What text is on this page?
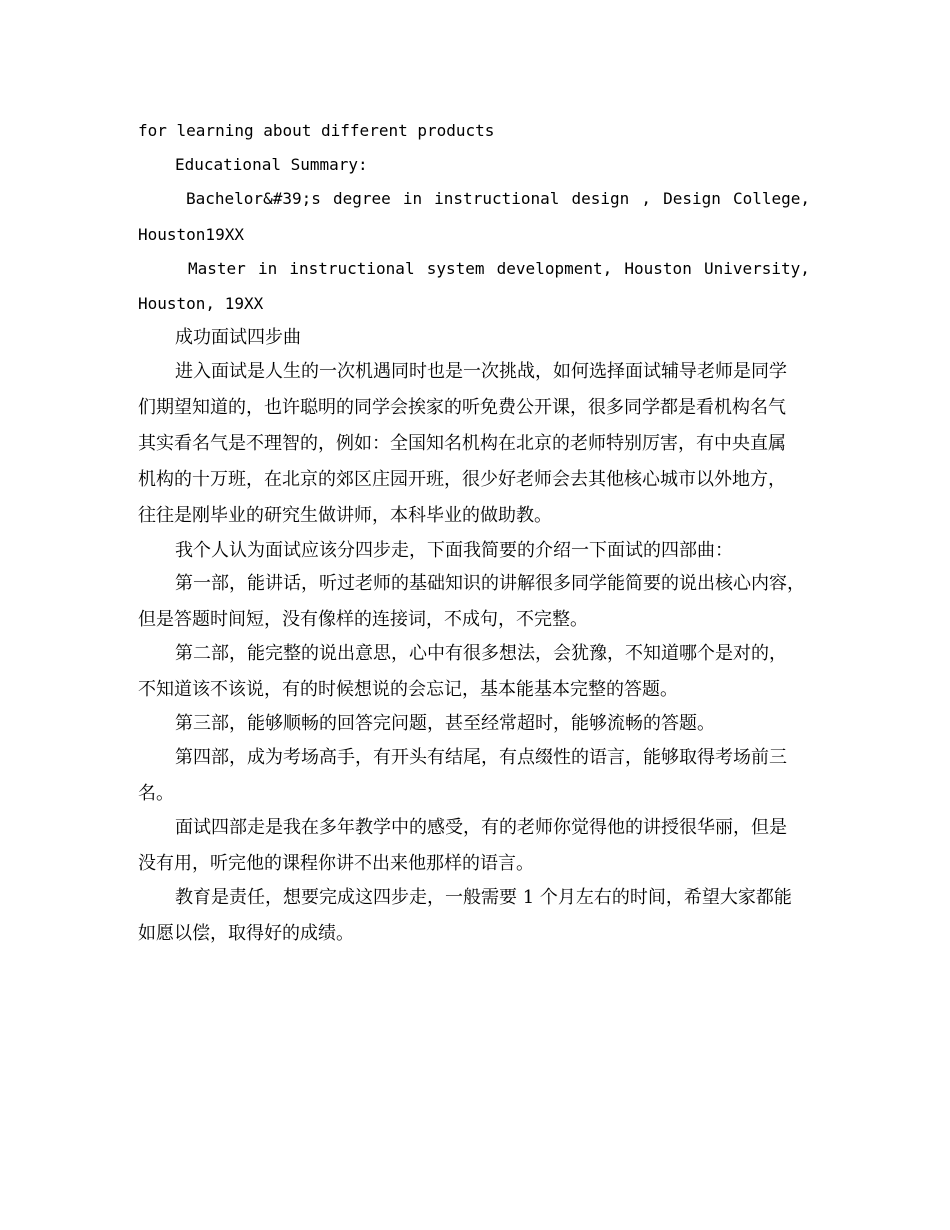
for learning about different products
Educational Summary:
Bachelor&#39;s degree in instructional design , Design College,
Houston19XX
Master in instructional system development, Houston University,
Houston, 19XX
成功面试四步曲
进入面试是人生的一次机遇同时也是一次挑战，如何选择面试辅导老师是同学
们期望知道的，也许聪明的同学会挨家的听免费公开课，很多同学都是看机构名气
其实看名气是不理智的，例如：全国知名机构在北京的老师特别厉害，有中央直属
机构的十万班，在北京的郊区庄园开班，很少好老师会去其他核心城市以外地方，
往往是刚毕业的研究生做讲师，本科毕业的做助教。
我个人认为面试应该分四步走，下面我简要的介绍一下面试的四部曲：
第一部，能讲话，听过老师的基础知识的讲解很多同学能简要的说出核心内容，
但是答题时间短，没有像样的连接词，不成句，不完整。
第二部，能完整的说出意思，心中有很多想法，会犹豫，不知道哪个是对的，
不知道该不该说，有的时候想说的会忘记，基本能基本完整的答题。
第三部，能够顺畅的回答完问题，甚至经常超时，能够流畅的答题。
第四部，成为考场高手，有开头有结尾，有点缀性的语言，能够取得考场前三
名。
面试四部走是我在多年教学中的感受，有的老师你觉得他的讲授很华丽，但是
没有用，听完他的课程你讲不出来他那样的语言。
教育是责任，想要完成这四步走，一般需要 1 个月左右的时间，希望大家都能
如愿以偿，取得好的成绩。
